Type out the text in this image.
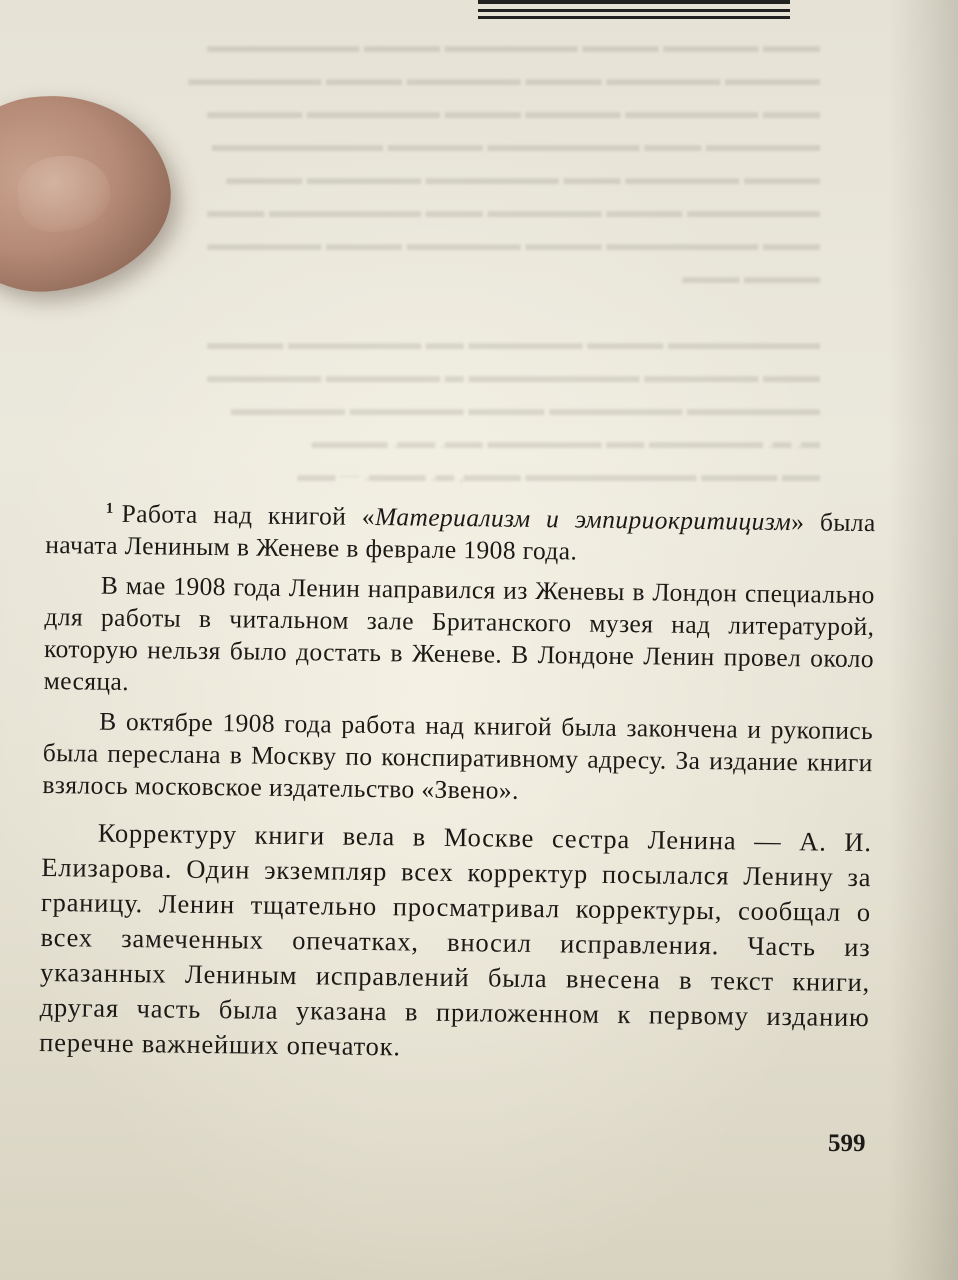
▬▬▬ ▬▬▬▬▬ ▬▬▬▬ ▬▬▬▬▬▬▬ ▬▬▬▬ ▬▬▬▬▬▬▬▬
▬▬▬▬▬ ▬▬▬▬▬▬ ▬▬▬▬ ▬▬▬▬▬▬ ▬▬▬▬ ▬▬▬▬▬▬▬
▬▬▬ ▬▬▬▬▬▬▬ ▬▬▬▬▬ ▬▬▬▬ ▬▬▬▬▬▬▬ ▬▬▬▬▬
▬▬▬▬▬▬ ▬▬▬ ▬▬▬▬▬▬▬▬ ▬▬▬▬▬ ▬▬▬▬▬▬▬▬▬
▬▬▬▬ ▬▬▬▬▬▬ ▬▬▬ ▬▬▬▬▬▬▬ ▬▬▬▬▬▬ ▬▬▬▬
▬▬▬▬▬▬▬ ▬▬▬▬ ▬▬▬▬▬▬ ▬▬▬ ▬▬▬▬▬▬▬▬ ▬▬▬
▬▬▬ ▬▬▬▬▬▬▬▬ ▬▬▬▬ ▬▬▬▬▬▬ ▬▬▬▬ ▬▬▬▬▬▬
▬▬▬▬ ▬▬▬

▬▬▬▬▬▬▬▬ ▬▬▬▬ ▬▬▬▬▬▬ ▬▬ ▬▬▬▬▬▬▬ ▬▬▬▬
▬▬▬ ▬▬▬▬▬▬ ▬▬▬▬▬▬▬▬▬ ▬ ▬▬▬▬▬▬ ▬▬▬▬▬▬
▬▬▬▬▬▬▬ ▬▬▬▬▬▬▬ ▬▬▬▬ ▬▬▬▬▬▬ ▬▬▬▬▬▬
▬. ▬. ▬▬▬▬▬▬ ▬▬ ▬▬▬▬▬▬ ▬▬. ▬▬. ▬▬▬▬
▬▬ ▬▬▬▬ ▬▬▬▬▬▬▬▬▬ ▬▬▬, ▬. ▬▬▬. — ▬▬

$^1$ Работа над книгой «Материализм и эмпириокритицизм» была начата Лениным в Женеве в феврале 1908 года.

В мае 1908 года Ленин направился из Женевы в Лондон специально для работы в читальном зале Британского музея над литературой, которую нельзя было достать в Женеве. В Лондоне Ленин провел около месяца.

В октябре 1908 года работа над книгой была закончена и рукопись была переслана в Москву по конспиративному адресу. За издание книги взялось московское издательство «Звено».

Корректуру книги вела в Москве сестра Ленина — А. И. Елизарова. Один экземпляр всех корректур посылался Ленину за границу. Ленин тщательно просматривал корректуры, сообщал о всех замеченных опечатках, вносил исправления. Часть из указанных Лениным исправлений была внесена в текст книги, другая часть была указана в приложенном к первому изданию перечне важнейших опечаток.

599
